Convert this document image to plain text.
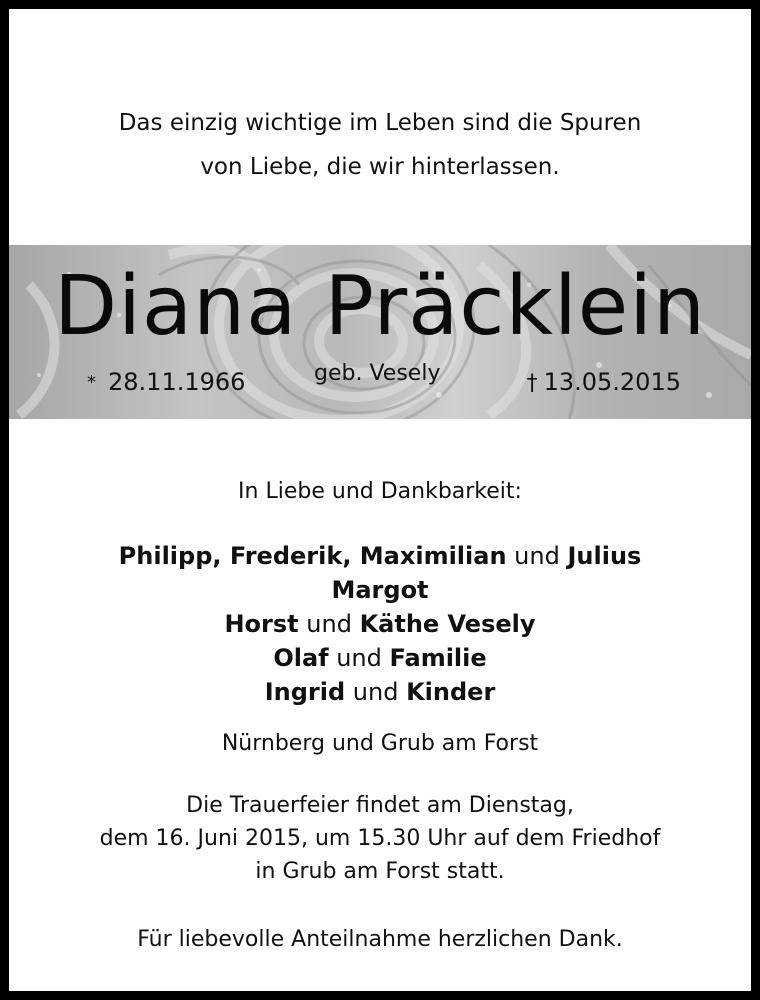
Das einzig wichtige im Leben sind die Spuren
von Liebe, die wir hinterlassen.
Diana Präcklein
* 28.11.1966	geb. Vesely	† 13.05.2015
In Liebe und Dankbarkeit:
Philipp, Frederik, Maximilian und Julius
Margot
Horst und Käthe Vesely
Olaf und Familie
Ingrid und Kinder
Nürnberg und Grub am Forst
Die Trauerfeier findet am Dienstag,
dem 16. Juni 2015, um 15.30 Uhr auf dem Friedhof
in Grub am Forst statt.
Für liebevolle Anteilnahme herzlichen Dank.
